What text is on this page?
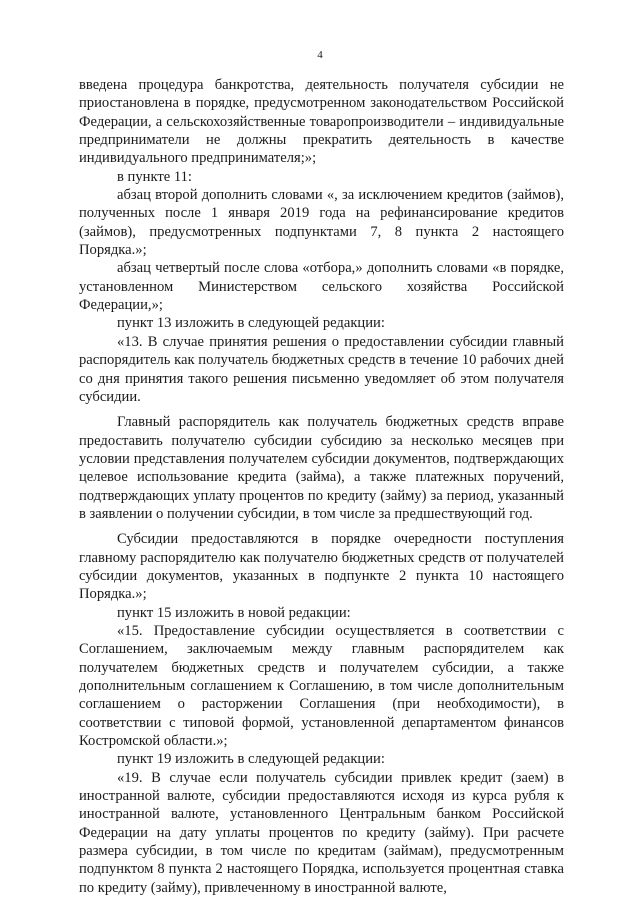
4

введена процедура банкротства, деятельность получателя субсидии не приостановлена в порядке, предусмотренном законодательством Российской Федерации, а сельскохозяйственные товаропроизводители – индивидуальные предприниматели не должны прекратить деятельность в качестве индивидуального предпринимателя;»;

в пункте 11:

абзац второй дополнить словами «, за исключением кредитов (займов), полученных после 1 января 2019 года на рефинансирование кредитов (займов), предусмотренных подпунктами 7, 8 пункта 2 настоящего Порядка.»;

абзац четвертый после слова «отбора,» дополнить словами «в порядке, установленном Министерством сельского хозяйства Российской Федерации,»;

пункт 13 изложить в следующей редакции:

«13. В случае принятия решения о предоставлении субсидии главный распорядитель как получатель бюджетных средств в течение 10 рабочих дней со дня принятия такого решения письменно уведомляет об этом получателя субсидии.

Главный распорядитель как получатель бюджетных средств вправе предоставить получателю субсидии субсидию за несколько месяцев при условии представления получателем субсидии документов, подтверждающих целевое использование кредита (займа), а также платежных поручений, подтверждающих уплату процентов по кредиту (займу) за период, указанный в заявлении о получении субсидии, в том числе за предшествующий год.

Субсидии предоставляются в порядке очередности поступления главному распорядителю как получателю бюджетных средств от получателей субсидии документов, указанных в подпункте 2 пункта 10 настоящего Порядка.»;

пункт 15 изложить в новой редакции:

«15. Предоставление субсидии осуществляется в соответствии с Соглашением, заключаемым между главным распорядителем как получателем бюджетных средств и получателем субсидии, а также дополнительным соглашением к Соглашению, в том числе дополнительным соглашением о расторжении Соглашения (при необходимости), в соответствии с типовой формой, установленной департаментом финансов Костромской области.»;

пункт 19 изложить в следующей редакции:

«19. В случае если получатель субсидии привлек кредит (заем) в иностранной валюте, субсидии предоставляются исходя из курса рубля к иностранной валюте, установленного Центральным банком Российской Федерации на дату уплаты процентов по кредиту (займу). При расчете размера субсидии, в том числе по кредитам (займам), предусмотренным подпунктом 8 пункта 2 настоящего Порядка, используется процентная ставка по кредиту (займу), привлеченному в иностранной валюте,
